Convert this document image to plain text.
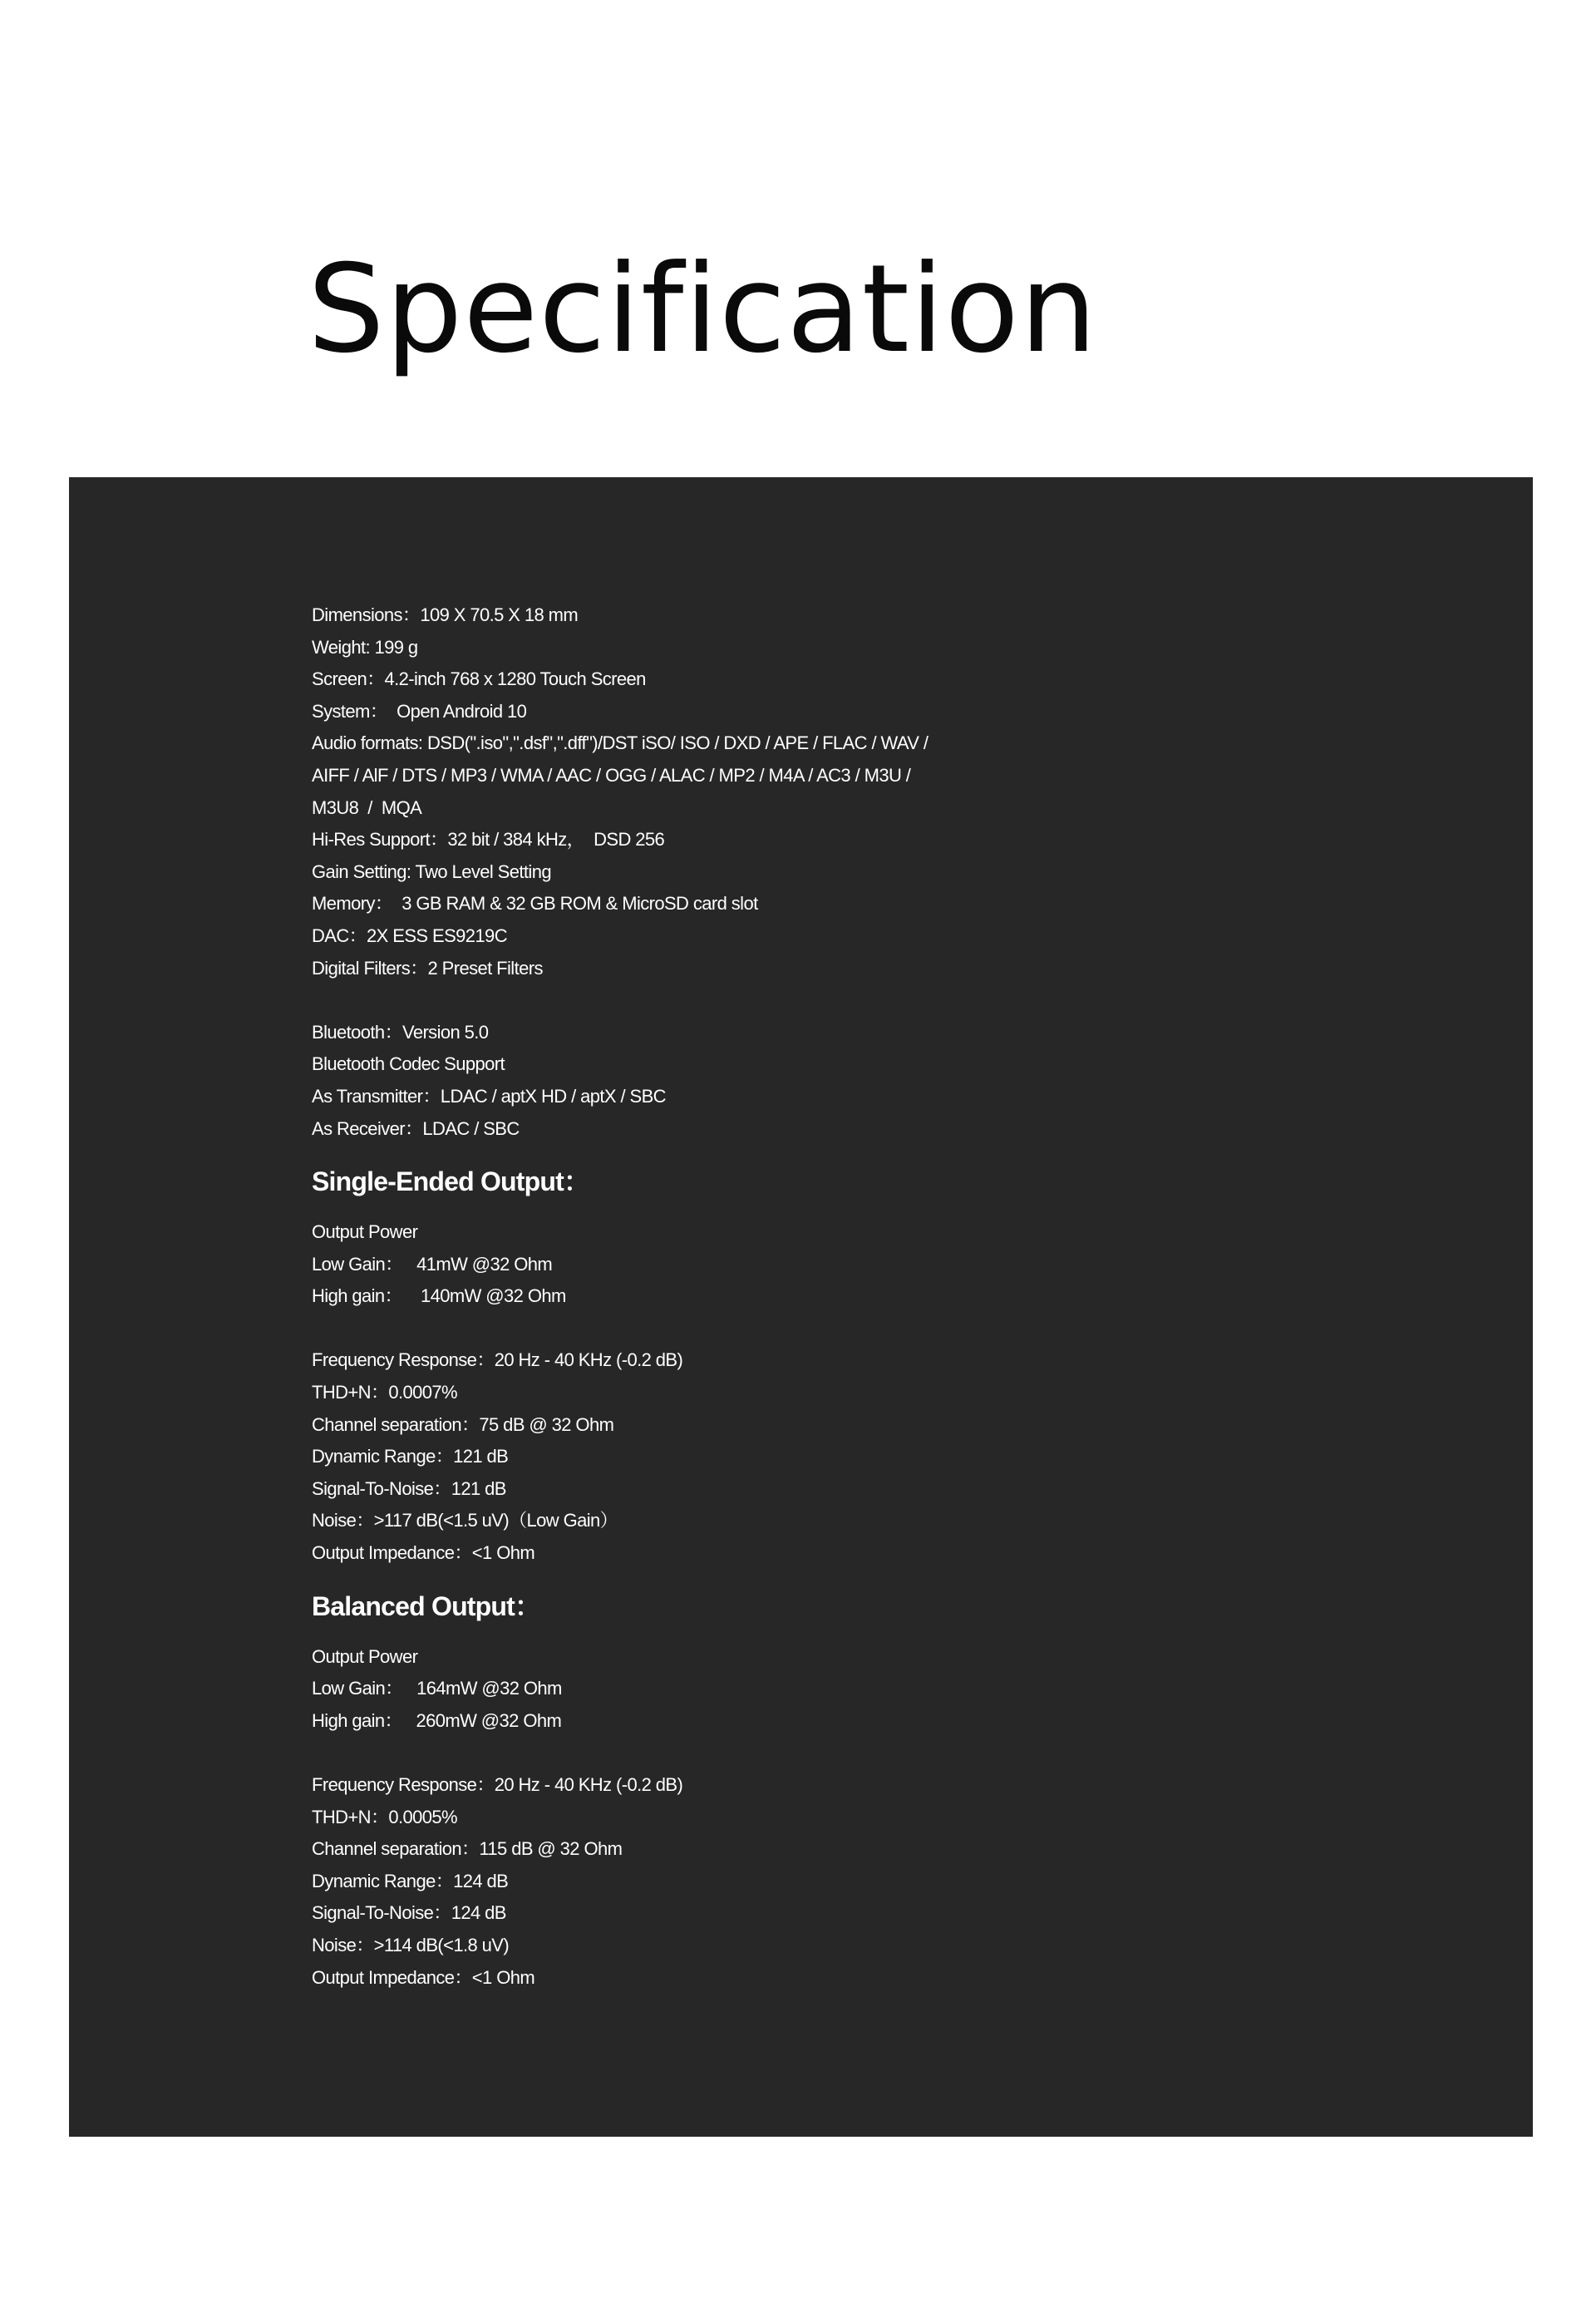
Specification
Dimensions：109 X 70.5 X 18 mm
Weight: 199 g
Screen：4.2-inch 768 x 1280 Touch Screen
System：  Open Android 10
Audio formats: DSD(".iso",".dsf",".dff")/DST iSO/ ISO / DXD / APE / FLAC / WAV /
AIFF / AlF / DTS / MP3 / WMA / AAC / OGG / ALAC / MP2 / M4A / AC3 / M3U /
M3U8  /  MQA
Hi-Res Support：32 bit / 384 kHz，  DSD 256
Gain Setting: Two Level Setting
Memory：  3 GB RAM & 32 GB ROM & MicroSD card slot
DAC：2X ESS ES9219C
Digital Filters：2 Preset Filters
Bluetooth：Version 5.0
Bluetooth Codec Support
As Transmitter：LDAC / aptX HD / aptX / SBC
As Receiver：LDAC / SBC
Single-Ended Output：
Output Power
Low Gain：   41mW @32 Ohm
High gain：    140mW @32 Ohm
Frequency Response：20 Hz - 40 KHz (-0.2 dB)
THD+N：0.0007%
Channel separation：75 dB @ 32 Ohm
Dynamic Range：121 dB
Signal-To-Noise：121 dB
Noise：>117 dB(<1.5 uV)（Low Gain）
Output Impedance：<1 Ohm
Balanced Output：
Output Power
Low Gain：   164mW @32 Ohm
High gain：   260mW @32 Ohm
Frequency Response：20 Hz - 40 KHz (-0.2 dB)
THD+N：0.0005%
Channel separation：115 dB @ 32 Ohm
Dynamic Range：124 dB
Signal-To-Noise：124 dB
Noise：>114 dB(<1.8 uV)
Output Impedance：<1 Ohm
